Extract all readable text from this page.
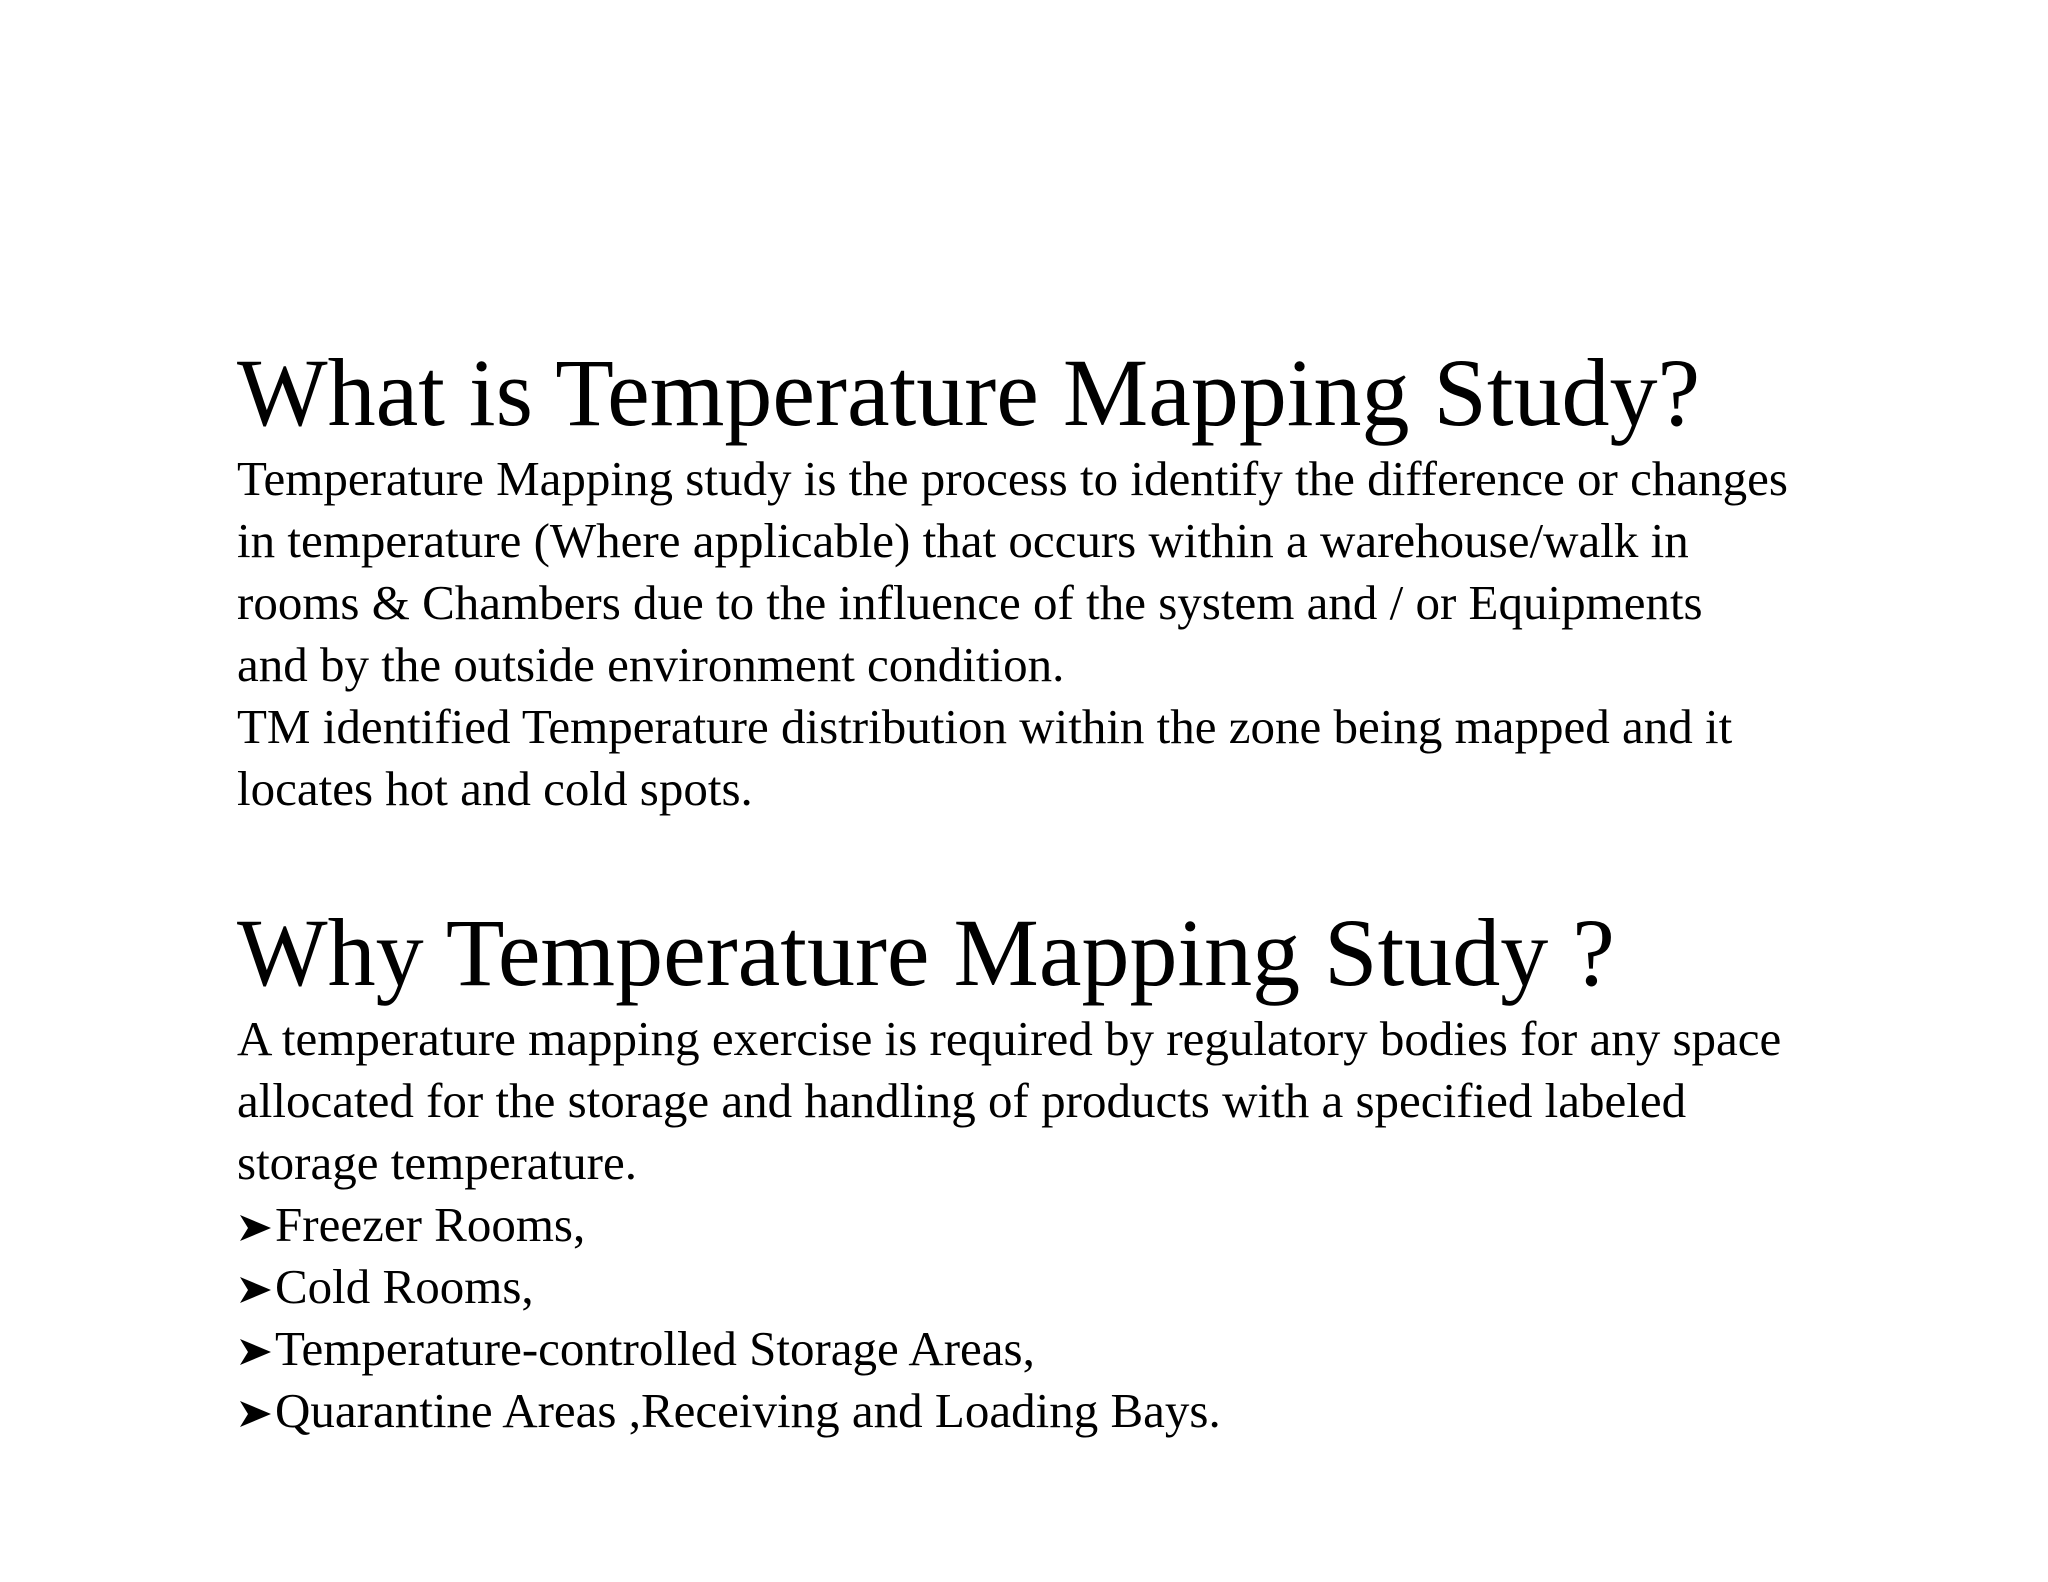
What is Temperature Mapping Study?
Temperature Mapping study is the process to identify the difference or changes
in temperature (Where applicable) that occurs within a warehouse/walk in
rooms & Chambers due to the influence of the system and / or Equipments
and by the outside environment condition.
TM identified Temperature distribution within the zone being mapped and it
locates hot and cold spots.
Why Temperature Mapping Study ?
A temperature mapping exercise is required by regulatory bodies for any space
allocated for the storage and handling of products with a specified labeled
storage temperature.
Freezer Rooms,
Cold Rooms,
Temperature-controlled Storage Areas,
Quarantine Areas ,Receiving and Loading Bays.
